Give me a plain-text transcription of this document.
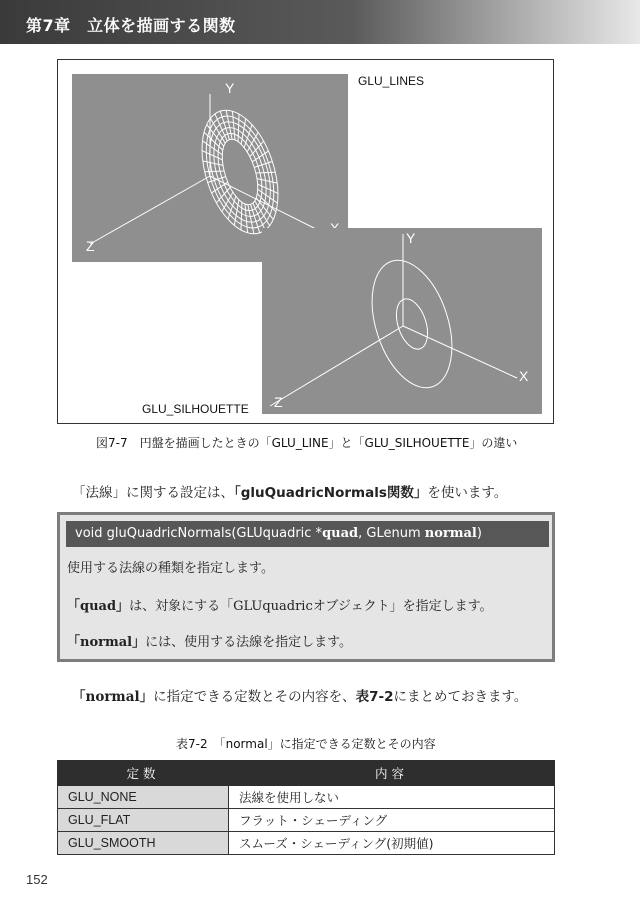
第7章　立体を描画する関数
Y
Z	Y
X
Z
GLU_LINES
GLU_SILHOUETTE
図7-7　円盤を描画したときの「GLU_LINE」と「GLU_SILHOUETTE」の違い
「法線」に関する設定は、「gluQuadricNormals関数」を使います。
void gluQuadricNormals(GLUquadric *quad, GLenum normal)
使用する法線の種類を指定します。
「quad」は、対象にする「GLUquadricオブジェクト」を指定します。
「normal」には、使用する法線を指定します。
「normal」に指定できる定数とその内容を、表7-2にまとめておきます。
表7-2　「normal」に指定できる定数とその内容
定数	内容
GLU_NONE	法線を使用しない
GLU_FLAT	フラット・シェーディング
GLU_SMOOTH	スムーズ・シェーディング(初期値)
152
